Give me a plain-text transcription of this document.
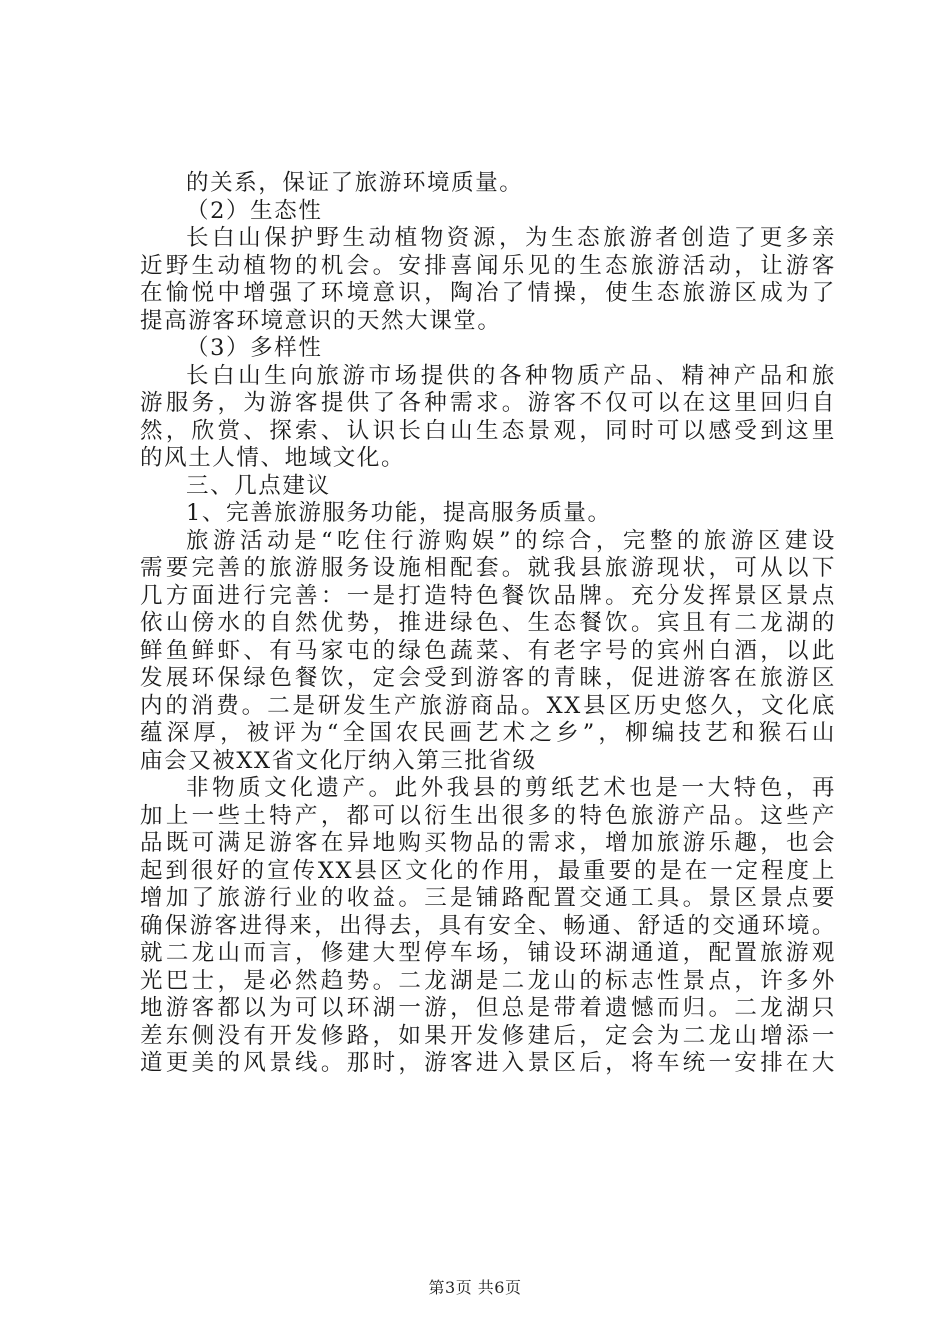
的关系，保证了旅游环境质量。
（2）生态性
长白山保护野生动植物资源，为生态旅游者创造了更多亲
近野生动植物的机会。安排喜闻乐见的生态旅游活动，让游客
在愉悦中增强了环境意识，陶冶了情操，使生态旅游区成为了
提高游客环境意识的天然大课堂。
（3）多样性
长白山生向旅游市场提供的各种物质产品、精神产品和旅
游服务，为游客提供了各种需求。游客不仅可以在这里回归自
然，欣赏、探索、认识长白山生态景观，同时可以感受到这里
的风土人情、地域文化。
三、几点建议
1、完善旅游服务功能，提高服务质量。
旅游活动是“吃住行游购娱”的综合，完整的旅游区建设
需要完善的旅游服务设施相配套。就我县旅游现状，可从以下
几方面进行完善：一是打造特色餐饮品牌。充分发挥景区景点
依山傍水的自然优势，推进绿色、生态餐饮。宾且有二龙湖的
鲜鱼鲜虾、有马家屯的绿色蔬菜、有老字号的宾州白酒，以此
发展环保绿色餐饮，定会受到游客的青睐，促进游客在旅游区
内的消费。二是研发生产旅游商品。XX县区历史悠久，文化底
蕴深厚，被评为“全国农民画艺术之乡”，柳编技艺和猴石山
庙会又被XX省文化厅纳入第三批省级
非物质文化遗产。此外我县的剪纸艺术也是一大特色，再
加上一些土特产，都可以衍生出很多的特色旅游产品。这些产
品既可满足游客在异地购买物品的需求，增加旅游乐趣，也会
起到很好的宣传XX县区文化的作用，最重要的是在一定程度上
增加了旅游行业的收益。三是铺路配置交通工具。景区景点要
确保游客进得来，出得去，具有安全、畅通、舒适的交通环境。
就二龙山而言，修建大型停车场，铺设环湖通道，配置旅游观
光巴士，是必然趋势。二龙湖是二龙山的标志性景点，许多外
地游客都以为可以环湖一游，但总是带着遗憾而归。二龙湖只
差东侧没有开发修路，如果开发修建后，定会为二龙山增添一
道更美的风景线。那时，游客进入景区后，将车统一安排在大
第3页 共6页
